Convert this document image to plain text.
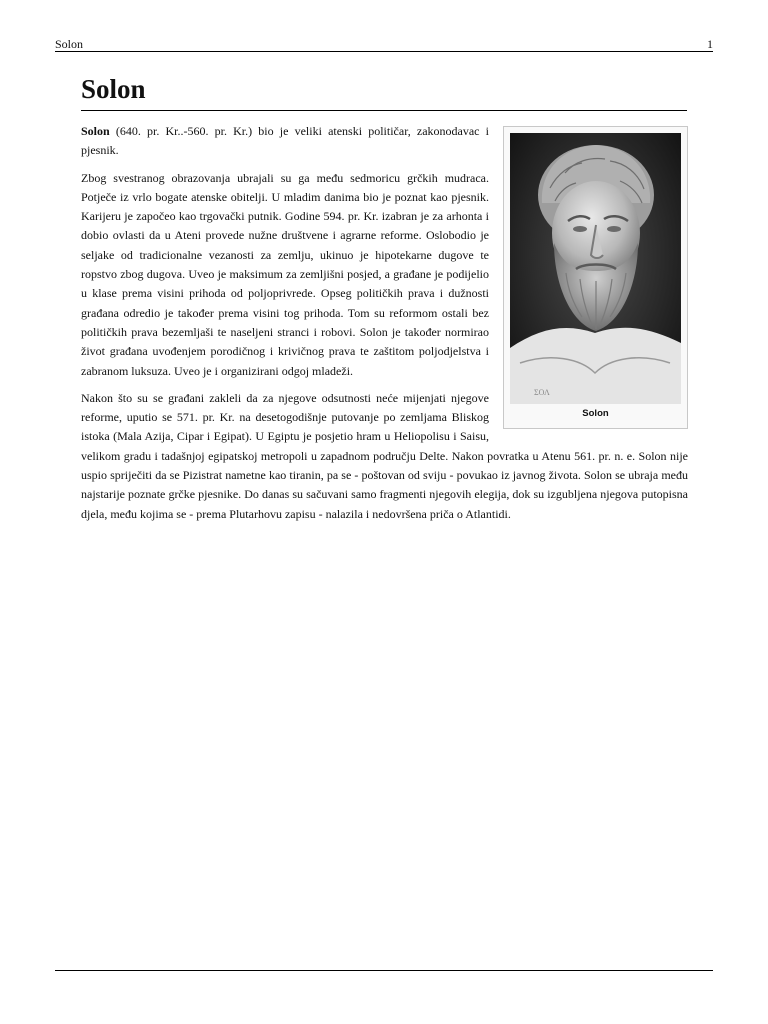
Solon	1
Solon
ΣΟΛ
Solon

Solon (640. pr. Kr..-560. pr. Kr.) bio je veliki atenski političar, zakonodavac i pjesnik.

Zbog svestranog obrazovanja ubrajali su ga među sedmoricu grčkih mudraca. Potječe iz vrlo bogate atenske obitelji. U mladim danima bio je poznat kao pjesnik. Karijeru je započeo kao trgovački putnik. Godine 594. pr. Kr. izabran je za arhonta i dobio ovlasti da u Ateni provede nužne društvene i agrarne reforme. Oslobodio je seljake od tradicionalne vezanosti za zemlju, ukinuo je hipotekarne dugove te ropstvo zbog dugova. Uveo je maksimum za zemljišni posjed, a građane je podijelio u klase prema visini prihoda od poljoprivrede. Opseg političkih prava i dužnosti građana odredio je također prema visini tog prihoda. Tom su reformom ostali bez političkih prava bezemljaši te naseljeni stranci i robovi. Solon je također normirao život građana uvođenjem porodičnog i krivičnog prava te zaštitom poljodjelstva i zabranom luksuza. Uveo je i organizirani odgoj mladeži.

Nakon što su se građani zakleli da za njegove odsutnosti neće mijenjati njegove reforme, uputio se 571. pr. Kr. na desetogodišnje putovanje po zemljama Bliskog istoka (Mala Azija, Cipar i Egipat). U Egiptu je posjetio hram u Heliopolisu i Saisu, velikom gradu i tadašnjoj egipatskoj metropoli u zapadnom području Delte. Nakon povratka u Atenu 561. pr. n. e. Solon nije uspio spriječiti da se Pizistrat nametne kao tiranin, pa se - poštovan od sviju - povukao iz javnog života. Solon se ubraja među najstarije poznate grčke pjesnike. Do danas su sačuvani samo fragmenti njegovih elegija, dok su izgubljena njegova putopisna djela, među kojima se - prema Plutarhovu zapisu - nalazila i nedovršena priča o Atlantidi.
